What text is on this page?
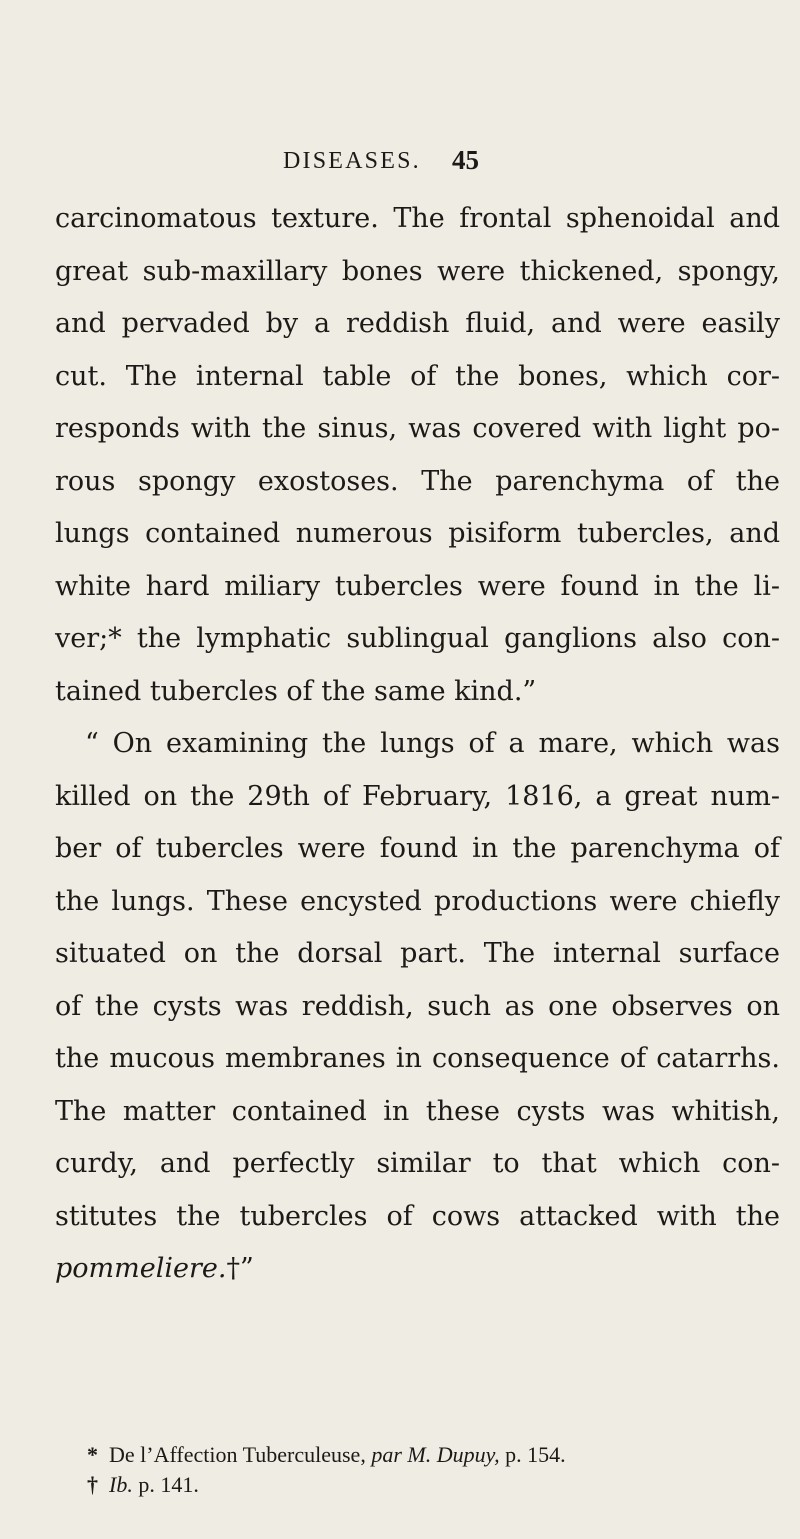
DISEASES. 45
carcinomatous texture. The frontal sphenoidal and
great sub-maxillary bones were thickened, spongy,
and pervaded by a reddish fluid, and were easily
cut. The internal table of the bones, which cor-
responds with the sinus, was covered with light po-
rous spongy exostoses. The parenchyma of the
lungs contained numerous pisiform tubercles, and
white hard miliary tubercles were found in the li-
ver;* the lymphatic sublingual ganglions also con-
tained tubercles of the same kind.”
“ On examining the lungs of a mare, which was
killed on the 29th of February, 1816, a great num-
ber of tubercles were found in the parenchyma of
the lungs. These encysted productions were chiefly
situated on the dorsal part. The internal surface
of the cysts was reddish, such as one observes on
the mucous membranes in consequence of catarrhs.
The matter contained in these cysts was whitish,
curdy, and perfectly similar to that which con-
stitutes the tubercles of cows attacked with the
pommeliere.†”
* De l’Affection Tuberculeuse, par M. Dupuy, p. 154.
† Ib. p. 141.
